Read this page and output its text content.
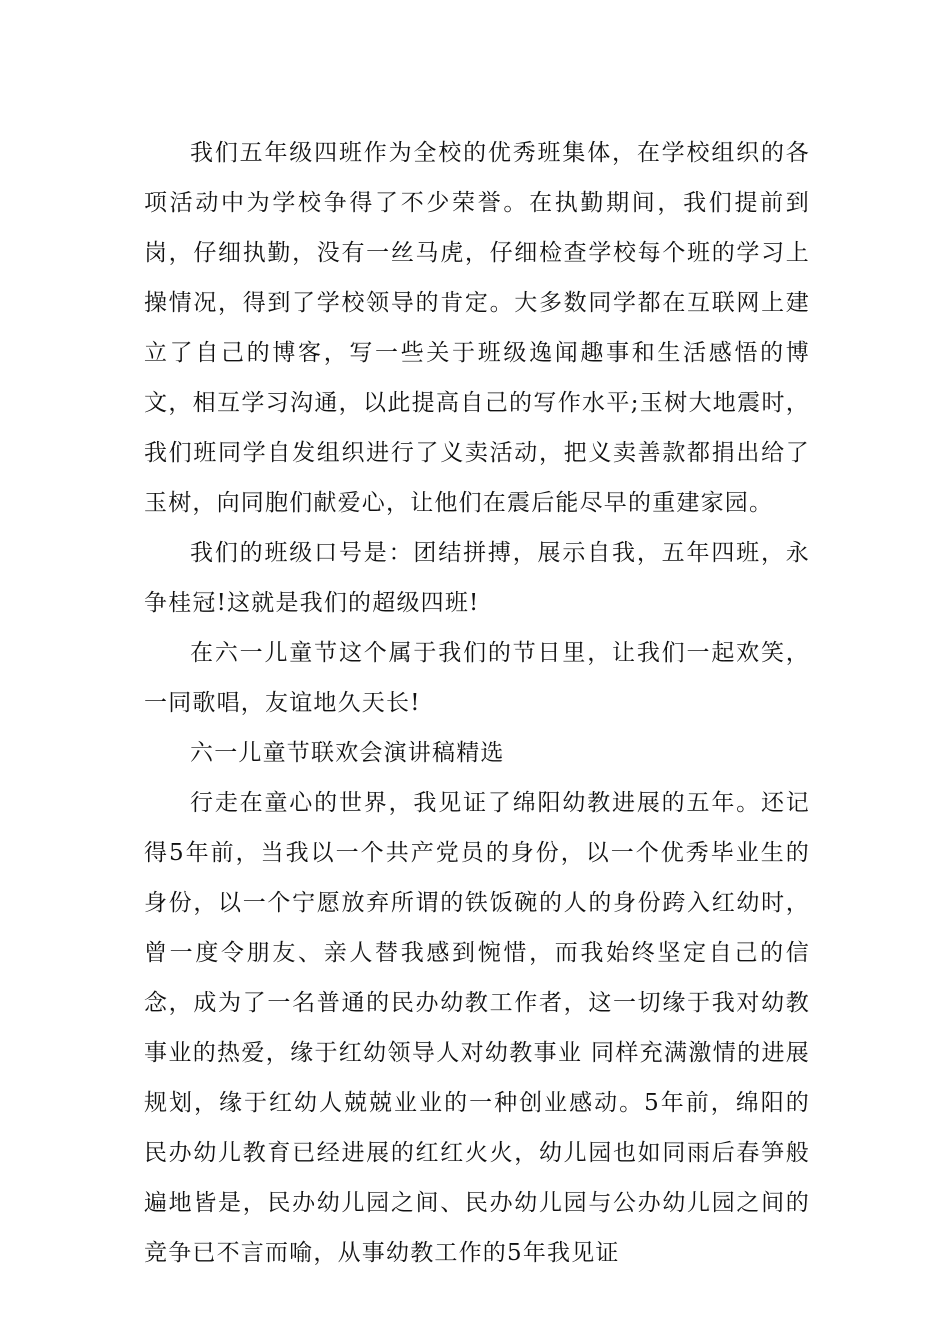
我们五年级四班作为全校的优秀班集体，在学校组织的各项活动中为学校争得了不少荣誉。在执勤期间，我们提前到岗，仔细执勤，没有一丝马虎，仔细检查学校每个班的学习上操情况，得到了学校领导的肯定。大多数同学都在互联网上建立了自己的博客，写一些关于班级逸闻趣事和生活感悟的博文，相互学习沟通，以此提高自己的写作水平;玉树大地震时，我们班同学自发组织进行了义卖活动，把义卖善款都捐出给了玉树，向同胞们献爱心，让他们在震后能尽早的重建家园。

我们的班级口号是：团结拼搏，展示自我，五年四班，永争桂冠!这就是我们的超级四班!

在六一儿童节这个属于我们的节日里，让我们一起欢笑，一同歌唱，友谊地久天长!

六一儿童节联欢会演讲稿精选

行走在童心的世界，我见证了绵阳幼教进展的五年。还记得5年前，当我以一个共产党员的身份，以一个优秀毕业生的身份，以一个宁愿放弃所谓的铁饭碗的人的身份跨入红幼时，曾一度令朋友、亲人替我感到惋惜，而我始终坚定自己的信念，成为了一名普通的民办幼教工作者，这一切缘于我对幼教事业的热爱，缘于红幼领导人对幼教事业 同样充满激情的进展规划，缘于红幼人兢兢业业的一种创业感动。5年前，绵阳的民办幼儿教育已经进展的红红火火，幼儿园也如同雨后春笋般遍地皆是，民办幼儿园之间、民办幼儿园与公办幼儿园之间的竞争已不言而喻，从事幼教工作的5年我见证
